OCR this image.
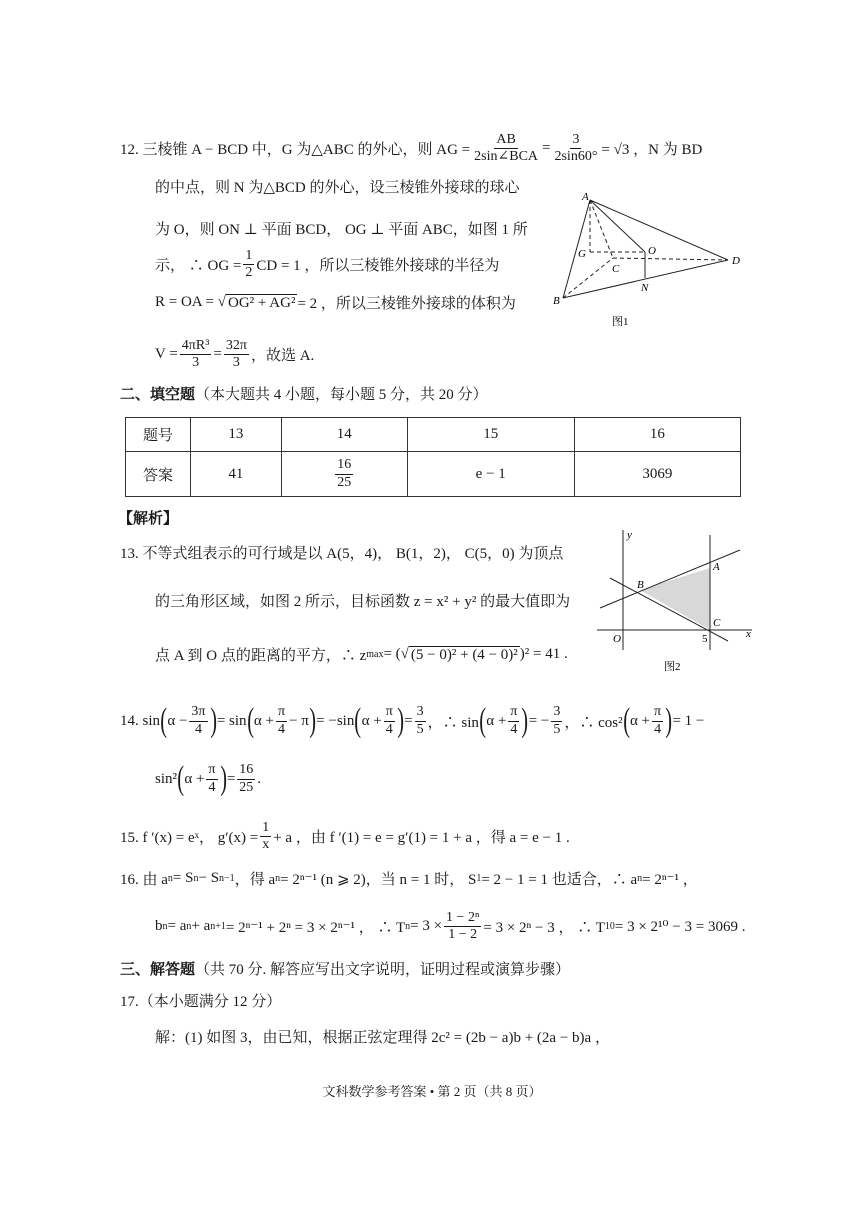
12. 三棱锥 A − BCD 中，G 为△ABC 的外心，则 AG = $\frac{AB}{\text{2sin∠BCA}} = \frac{3}{2\sin 60^\circ} = √3$ ，N 为 BD
的中点，则 N 为△BCD 的外心，设三棱锥外接球的球心
为 O，则 ON ⊥ 平面 BCD， OG ⊥ 平面 ABC，如图 1 所
示， ∴ OG = $\frac{1}{2}$ CD = 1 ，所以三棱锥外接球的半径为
R = OA = √ OG² + AG² = 2 ，所以三棱锥外接球的体积为
$V = \frac{\text{4πR³}}{3} = \frac{32\pi}{3}$ ，故选 A.
13. 不等式组表示的可行域是以 A(5，4)， B(1，2)， C(5，0) 为顶点
的三角形区域，如图 2 所示，目标函数 z = x² + y² 的最大值即为
点 A 到 O 点的距离的平方，∴ z max = (√ (5 − 0)² + (4 − 0)² )² = 41 .
14. sin ( $\alpha - \frac{3\pi}{4}$ ) = sin ( $\alpha + \frac{\pi}{4} - \pi$ ) = −sin ( $\alpha + \frac{\pi}{4}$ ) = $\frac{3}{5}$ ，∴ sin ( $\alpha + \frac{\pi}{4}$ ) = − $\frac{3}{5}$ ，∴ cos² ( $\alpha + \frac{\pi}{4}$ ) = 1 −
sin² ( $\alpha + \frac{\pi}{4}$ ) = $\frac{16}{25}$ .
15. f ′(x) = eˣ， $g'(x) = \frac{1}{x} + a$ ，由 f ′(1) = e = g′(1) = 1 + a ，得 a = e − 1 .
16. 由 a n = S n − S n−1 ，得 a n = 2ⁿ⁻¹ (n ⩾ 2)，当 n = 1 时， S 1 = 2 − 1 = 1 也适合，∴ a n = 2ⁿ⁻¹ ，
b n = a n + a n+1 = 2ⁿ⁻¹ + 2ⁿ = 3 × 2ⁿ⁻¹ ， ∴ T $n = 3 \times \frac{\text{1 − 2ⁿ}}{1 - 2} = 3 \times 2^n - 3$ ， ∴ T 10 = 3 × 2¹⁰ − 3 = 3069 .
解：(1) 如图 3，由已知，根据正弦定理得 2c² = (2b − a)b + (2a − b)a ，
二、填空题 （本大题共 4 小题，每小题 5 分，共 20 分）
题号	13	14	15	16
答案	41	$\frac{16}{25}$	e − 1	3069
【解析】
三、解答题 （共 70 分. 解答应写出文字说明，证明过程或演算步骤）
17.（本小题满分 12 分）
文科数学参考答案 • 第 2 页（共 8 页）
A
G	O
C
D
N
B
图1
y
A
B
C
O	5	x
图2
